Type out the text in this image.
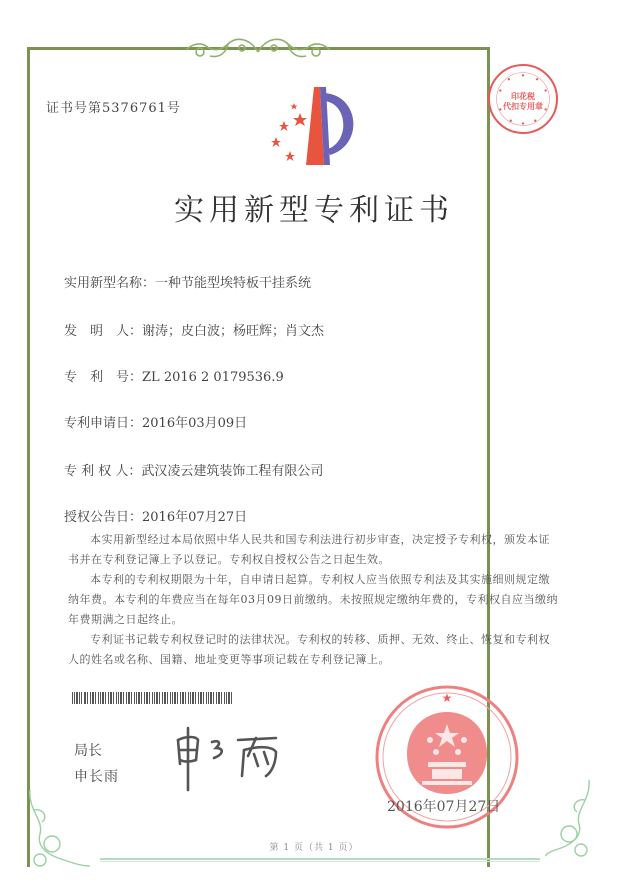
证书号第5376761号
印花税
代扣专用章
实用新型专利证书
实用新型名称：一种节能型埃特板干挂系统
发　明　人：谢涛；皮白波；杨旺辉；肖文杰
专　利　号：ZL 2016 2 0179536.9
专利申请日：2016年03月09日
专 利 权 人：武汉凌云建筑装饰工程有限公司
授权公告日：2016年07月27日

本实用新型经过本局依照中华人民共和国专利法进行初步审查，决定授予专利权，颁发本证书并在专利登记簿上予以登记。专利权自授权公告之日起生效。

本专利的专利权期限为十年，自申请日起算。专利权人应当依照专利法及其实施细则规定缴纳年费。本专利的年费应当在每年03月09日前缴纳。未按照规定缴纳年费的，专利权自应当缴纳年费期满之日起终止。

专利证书记载专利权登记时的法律状况。专利权的转移、质押、无效、终止、恢复和专利权人的姓名或名称、国籍、地址变更等事项记载在专利登记簿上。

局长
申长雨
★
2016年07月27日
第 1 页（共 1 页）
